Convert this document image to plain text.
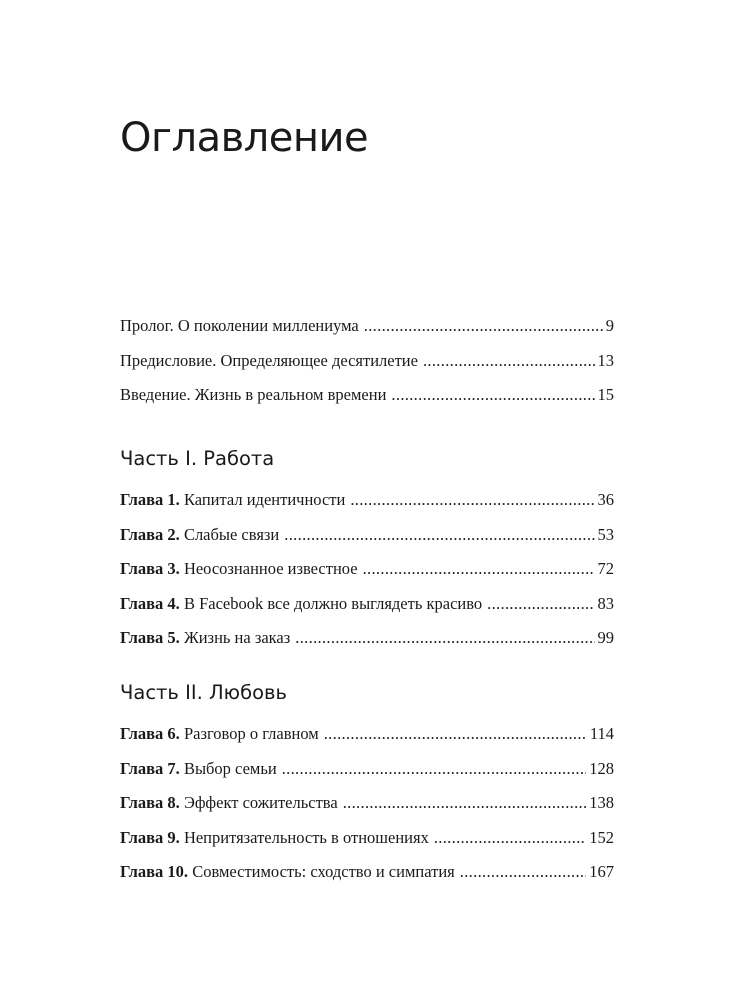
Оглавление
Пролог. О поколении миллениума . . .	9
Предисловие. Определяющее десятилетие . . .	13
Введение. Жизнь в реальном времени . . .	15
Часть I. Работа
Глава 1. Капитал идентичности . . .	36
Глава 2. Слабые связи . . .	53
Глава 3. Неосознанное известное . . .	72
Глава 4. В Facebook все должно выглядеть красиво . . .	83
Глава 5. Жизнь на заказ . . .	99
Часть II. Любовь
Глава 6. Разговор о главном . . .	114
Глава 7. Выбор семьи . . .	128
Глава 8. Эффект сожительства . . .	138
Глава 9. Непритязательность в отношениях . . .	152
Глава 10. Совместимость: сходство и симпатия . . .	167
